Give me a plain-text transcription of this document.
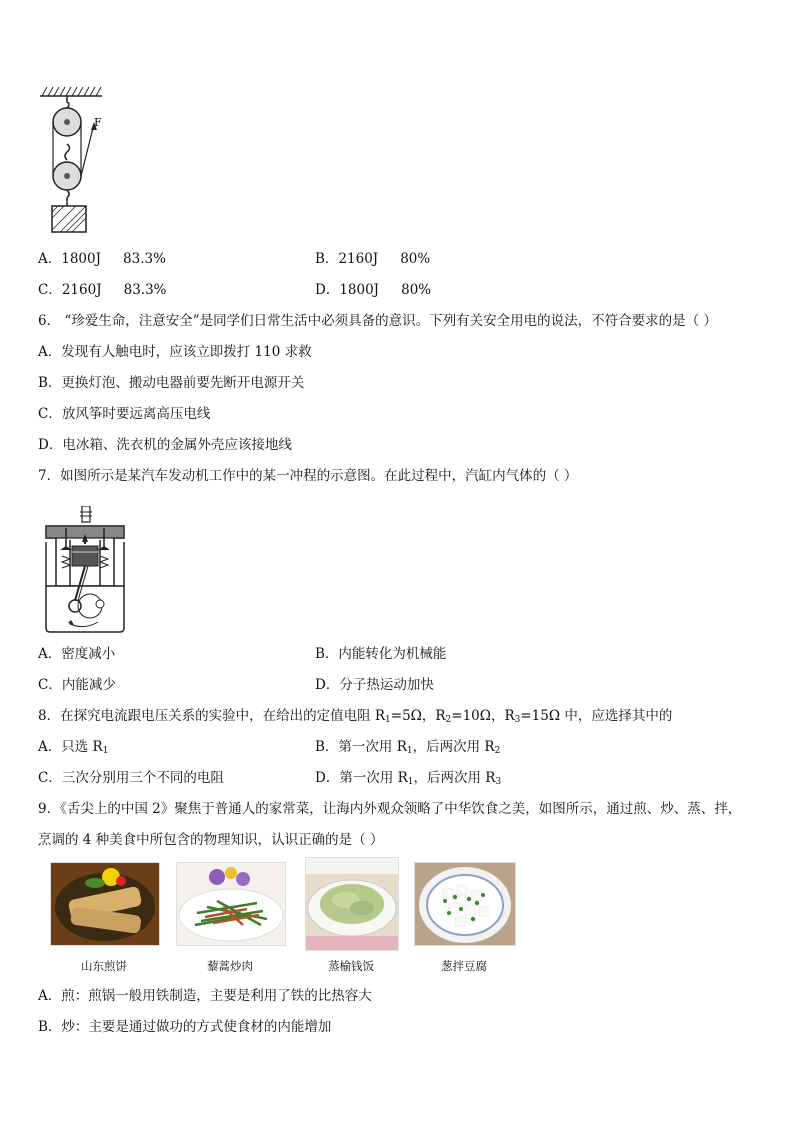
F
A．1800J 83.3%	B．2160J 80%
C．2160J 83.3%	D．1800J 80%
6． “珍爱生命，注意安全”是同学们日常生活中必须具备的意识。下列有关安全用电的说法，不符合要求的是（ ）
A．发现有人触电时，应该立即拨打 110 求救
B．更换灯泡、搬动电器前要先断开电源开关
C．放风筝时要远离高压电线
D．电冰箱、洗衣机的金属外壳应该接地线
7．如图所示是某汽车发动机工作中的某一冲程的示意图。在此过程中，汽缸内气体的（ ）
A．密度减小	B．内能转化为机械能
C．内能减少	D．分子热运动加快
8．在探究电流跟电压关系的实验中，在给出的定值电阻 $R_1=5\Omega$，$R_2=10\Omega$，$R_3=15\Omega$ 中，应选择其中的
A．只选 $R_1$	B．第一次用 $R_1$，后两次用 $R_2$
C．三次分别用三个不同的电阻	D．第一次用 $R_1$，后两次用 $R_3$
9．《舌尖上的中国 2》聚焦于普通人的家常菜，让海内外观众领略了中华饮食之美，如图所示，通过煎、炒、蒸、拌，
烹调的 4 种美食中所包含的物理知识，认识正确的是（ ）
山东煎饼	藜蒿炒肉	蒸榆钱饭	葱拌豆腐
A．煎：煎锅一般用铁制造，主要是利用了铁的比热容大
B．炒：主要是通过做功的方式使食材的内能增加
